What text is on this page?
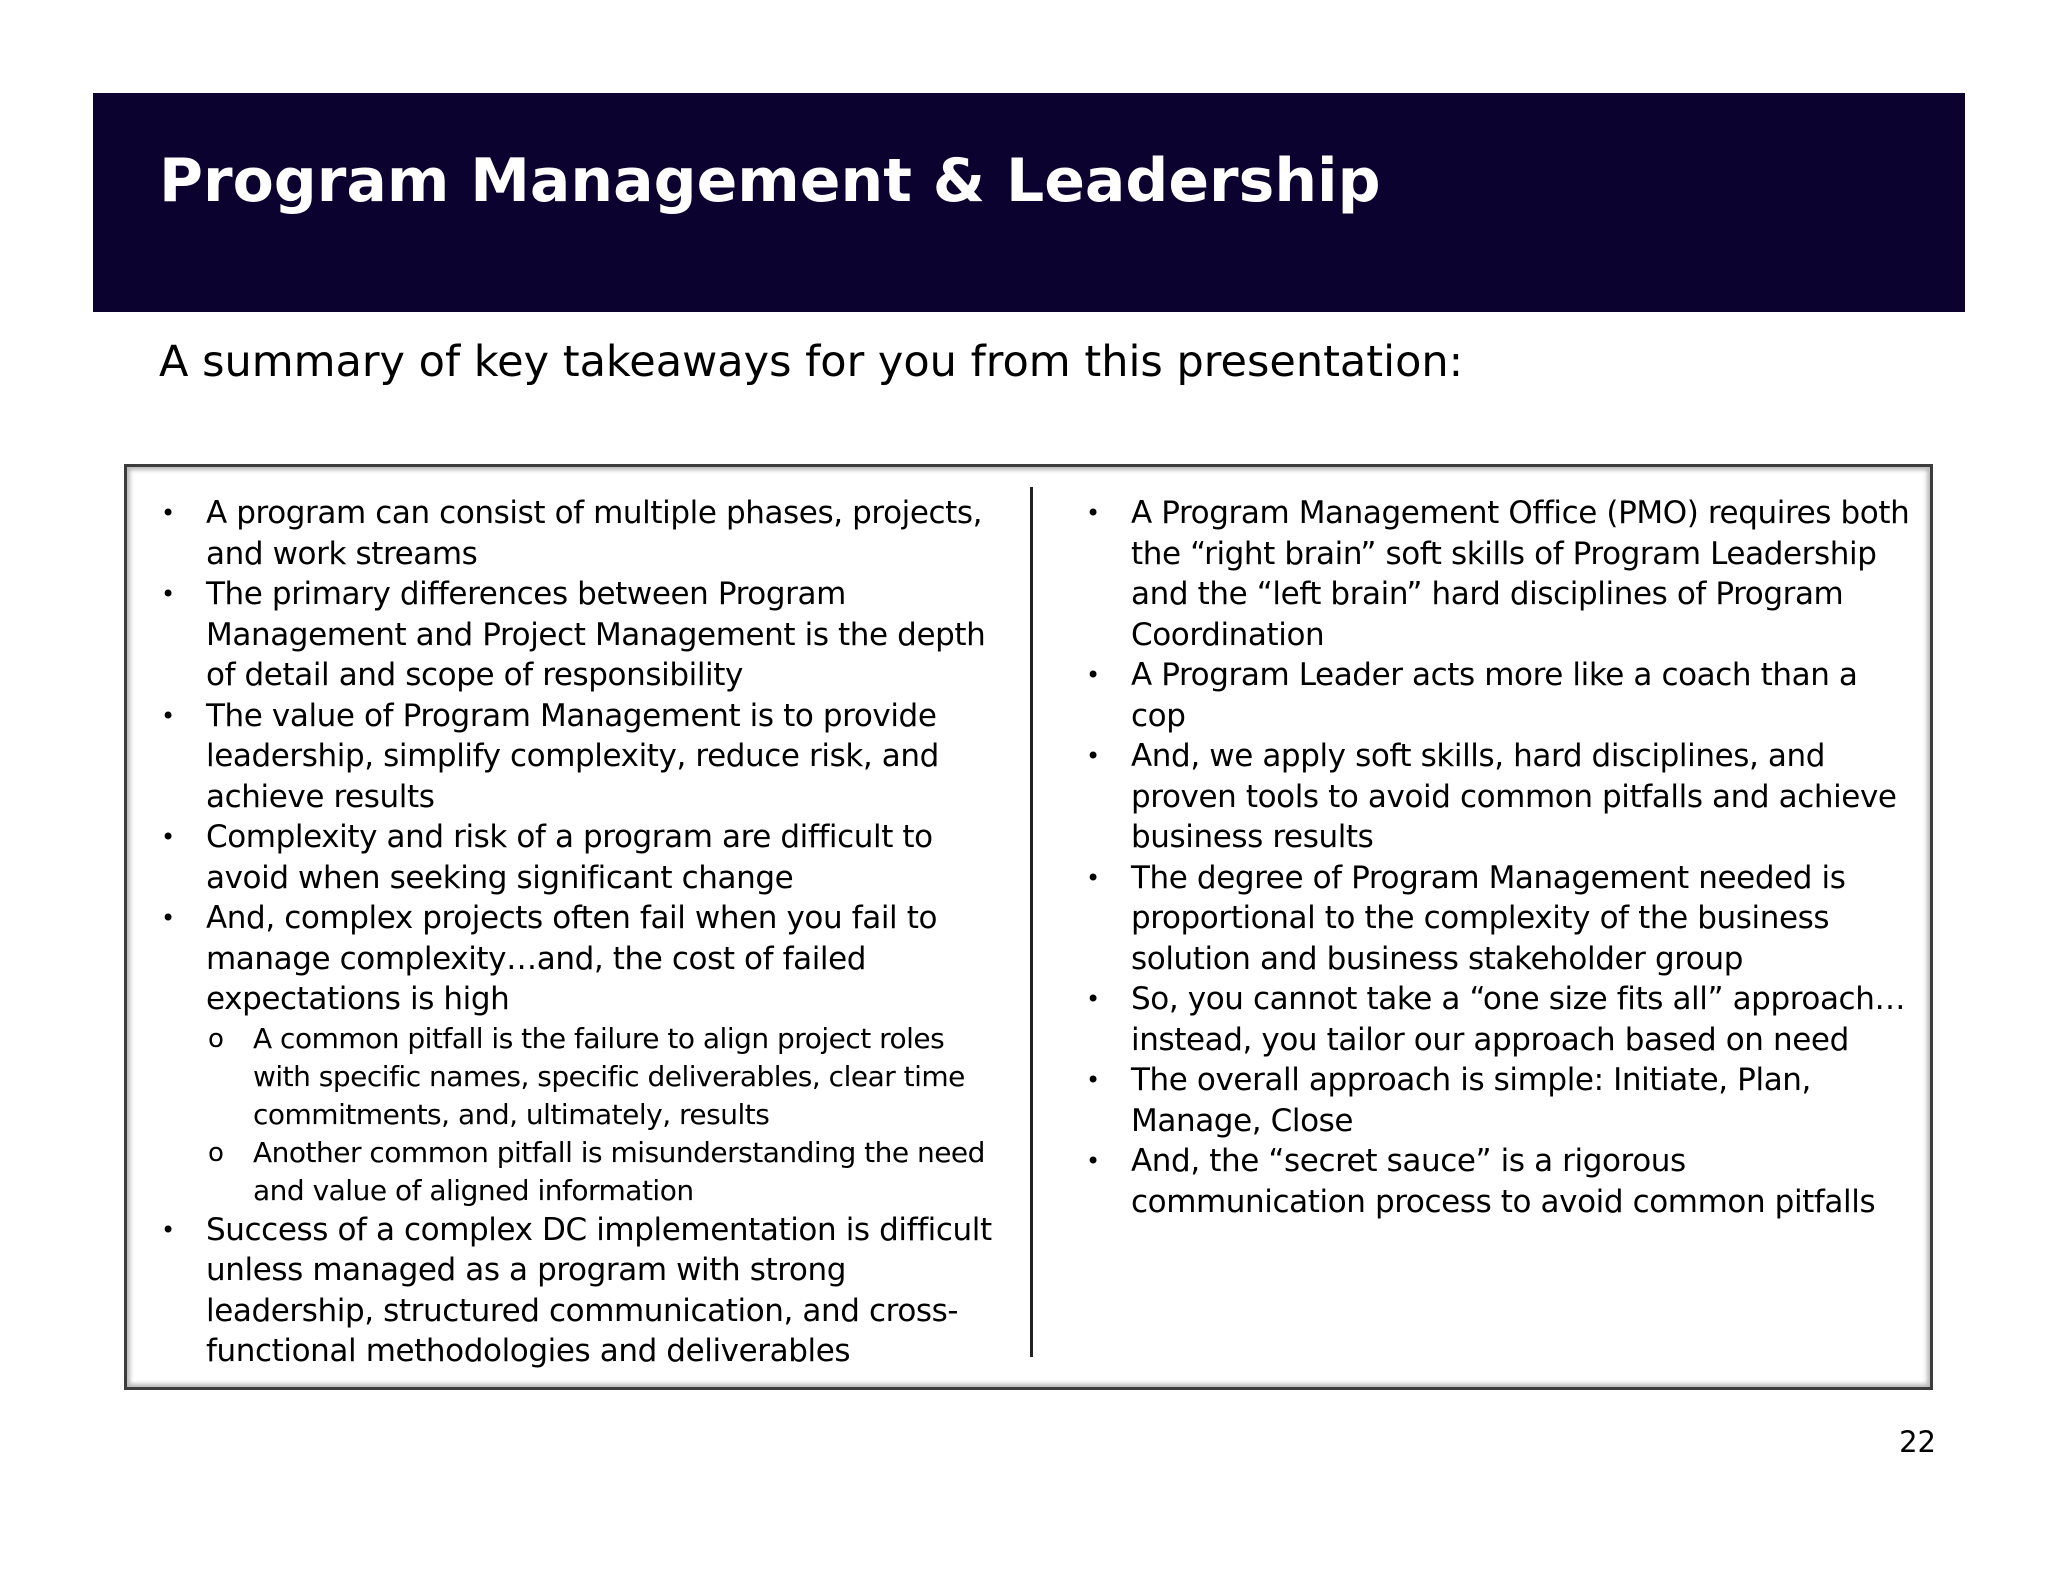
Program Management & Leadership

A summary of key takeaways for you from this presentation:

• A program can consist of multiple phases, projects, and work streams
• The primary differences between Program Management and Project Management is the depth of detail and scope of responsibility
• The value of Program Management is to provide leadership, simplify complexity, reduce risk, and achieve results
• Complexity and risk of a program are difficult to avoid when seeking significant change
• And, complex projects often fail when you fail to manage complexity…and, the cost of failed expectations is high
o A common pitfall is the failure to align project roles with specific names, specific deliverables, clear time commitments, and, ultimately, results
o Another common pitfall is misunderstanding the need and value of aligned information
• Success of a complex DC implementation is difficult unless managed as a program with strong leadership, structured communication, and cross-functional methodologies and deliverables
• A Program Management Office (PMO) requires both the “right brain” soft skills of Program Leadership and the “left brain” hard disciplines of Program Coordination
• A Program Leader acts more like a coach than a cop
• And, we apply soft skills, hard disciplines, and proven tools to avoid common pitfalls and achieve business results
• The degree of Program Management needed is proportional to the complexity of the business solution and business stakeholder group
• So, you cannot take a “one size fits all” approach… instead, you tailor our approach based on need
• The overall approach is simple: Initiate, Plan, Manage, Close
• And, the “secret sauce” is a rigorous communication process to avoid common pitfalls

22
